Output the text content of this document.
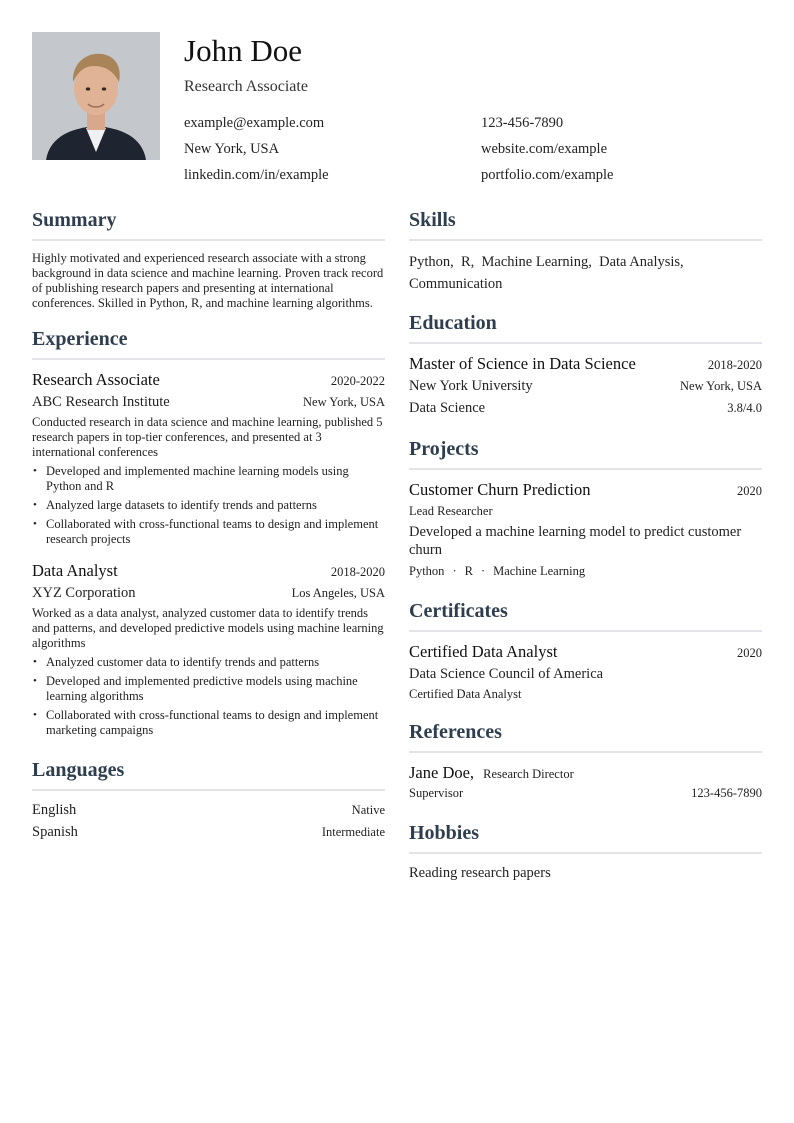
John Doe
Research Associate
example@example.com	123-456-7890
New York, USA	website.com/example
linkedin.com/in/example	portfolio.com/example
Summary
Highly motivated and experienced research associate with a strong background in data science and machine learning. Proven track record of publishing research papers and presenting at international conferences. Skilled in Python, R, and machine learning algorithms.
Experience
Research Associate	2020-2022
ABC Research Institute	New York, USA
Conducted research in data science and machine learning, published 5 research papers in top-tier conferences, and presented at 3 international conferences
• Developed and implemented machine learning models using Python and R
• Analyzed large datasets to identify trends and patterns
• Collaborated with cross-functional teams to design and implement research projects
Data Analyst	2018-2020
XYZ Corporation	Los Angeles, USA
Worked as a data analyst, analyzed customer data to identify trends and patterns, and developed predictive models using machine learning algorithms
• Analyzed customer data to identify trends and patterns
• Developed and implemented predictive models using machine learning algorithms
• Collaborated with cross-functional teams to design and implement marketing campaigns
Languages
English	Native
Spanish	Intermediate
Skills
Python, R, Machine Learning, Data Analysis, Communication
Education
Master of Science in Data Science	2018-2020
New York University	New York, USA
Data Science	3.8/4.0
Projects
Customer Churn Prediction	2020
Lead Researcher
Developed a machine learning model to predict customer churn
Python · R · Machine Learning
Certificates
Certified Data Analyst	2020
Data Science Council of America
Certified Data Analyst
References
Jane Doe, Research Director
Supervisor	123-456-7890
Hobbies
Reading research papers
